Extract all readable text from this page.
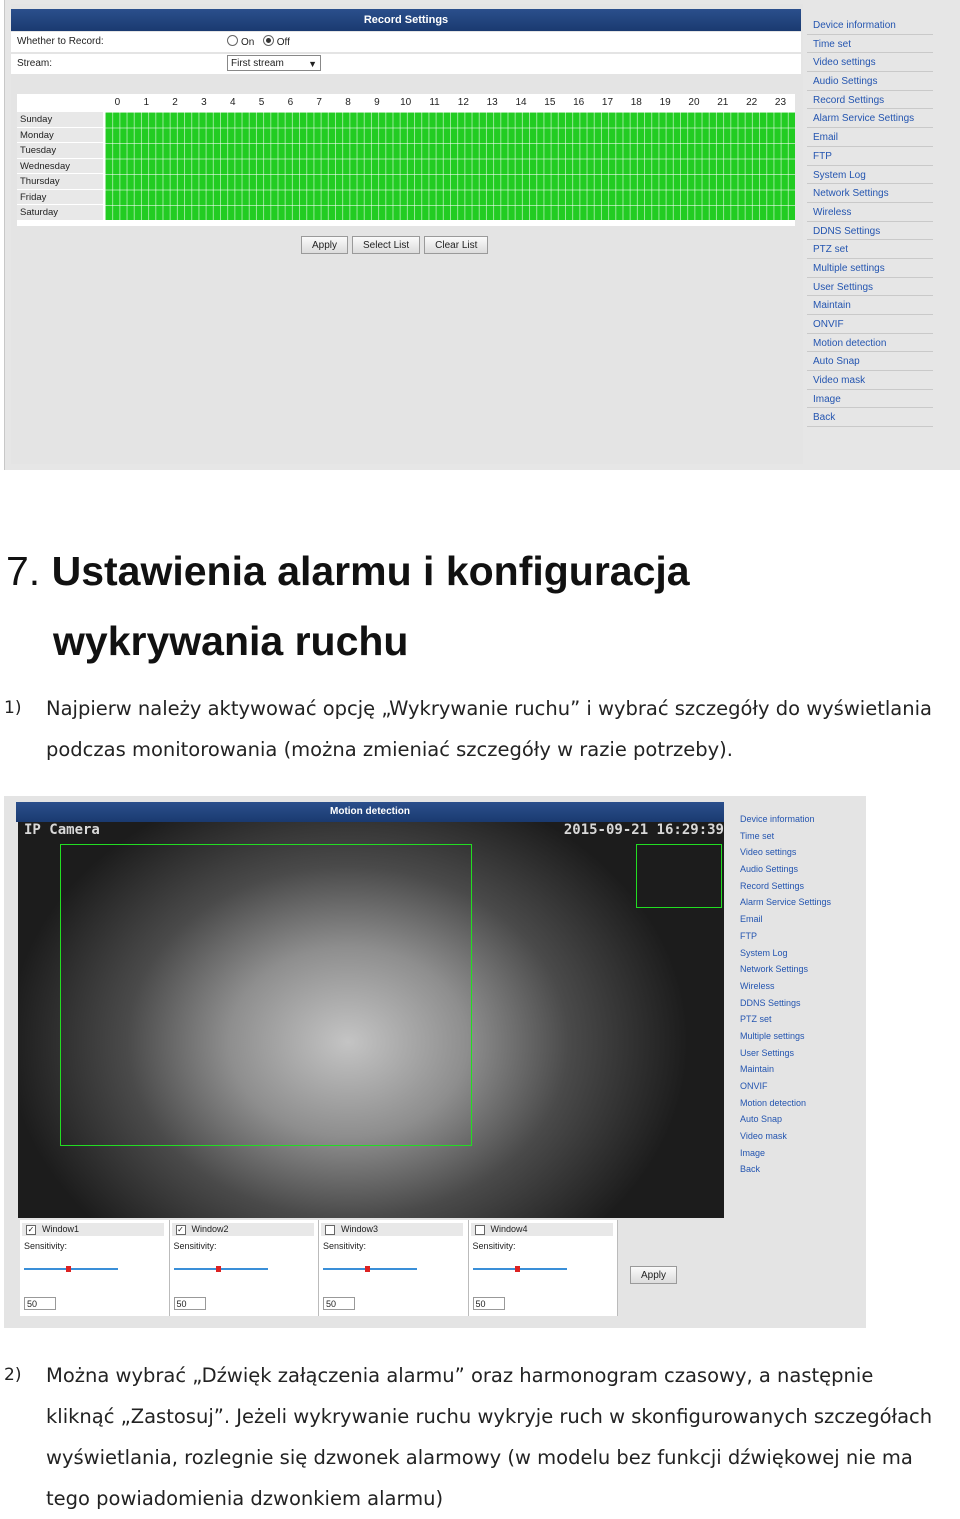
Record Settings
Whether to Record:	On Off
Stream:	First stream	▼
0	1	2	3	4	5	6	7	8	9	10	11	12	13	14	15	16	17	18	19	20	21	22	23
Sunday
Monday
Tuesday
Wednesday
Thursday
Friday
Saturday
Apply	Select List	Clear List
Device information
Time set
Video settings
Audio Settings
Record Settings
Alarm Service Settings
Email
FTP
System Log
Network Settings
Wireless
DDNS Settings
PTZ set
Multiple settings
User Settings
Maintain
ONVIF
Motion detection
Auto Snap
Video mask
Image
Back
7. Ustawienia alarmu i konfiguracja
wykrywania ruchu
1) Najpierw należy aktywować opcję „Wykrywanie ruchu” i wybrać szczegóły do wyświetlania podczas monitorowania (można zmieniać szczegóły w razie potrzeby).
Motion detection
IP Camera	2015-09-21 16:29:39
✓ Window1
Sensitivity:
50
✓ Window2
Sensitivity:
50
Window3
Sensitivity:
50
Window4
Sensitivity:
50
Apply
Device information
Time set
Video settings
Audio Settings
Record Settings
Alarm Service Settings
Email
FTP
System Log
Network Settings
Wireless
DDNS Settings
PTZ set
Multiple settings
User Settings
Maintain
ONVIF
Motion detection
Auto Snap
Video mask
Image
Back
2) Można wybrać „Dźwięk załączenia alarmu” oraz harmonogram czasowy, a następnie kliknąć „Zastosuj”. Jeżeli wykrywanie ruchu wykryje ruch w skonfigurowanych szczegółach wyświetlania, rozlegnie się dzwonek alarmowy (w modelu bez funkcji dźwiękowej nie ma tego powiadomienia dzwonkiem alarmu)
